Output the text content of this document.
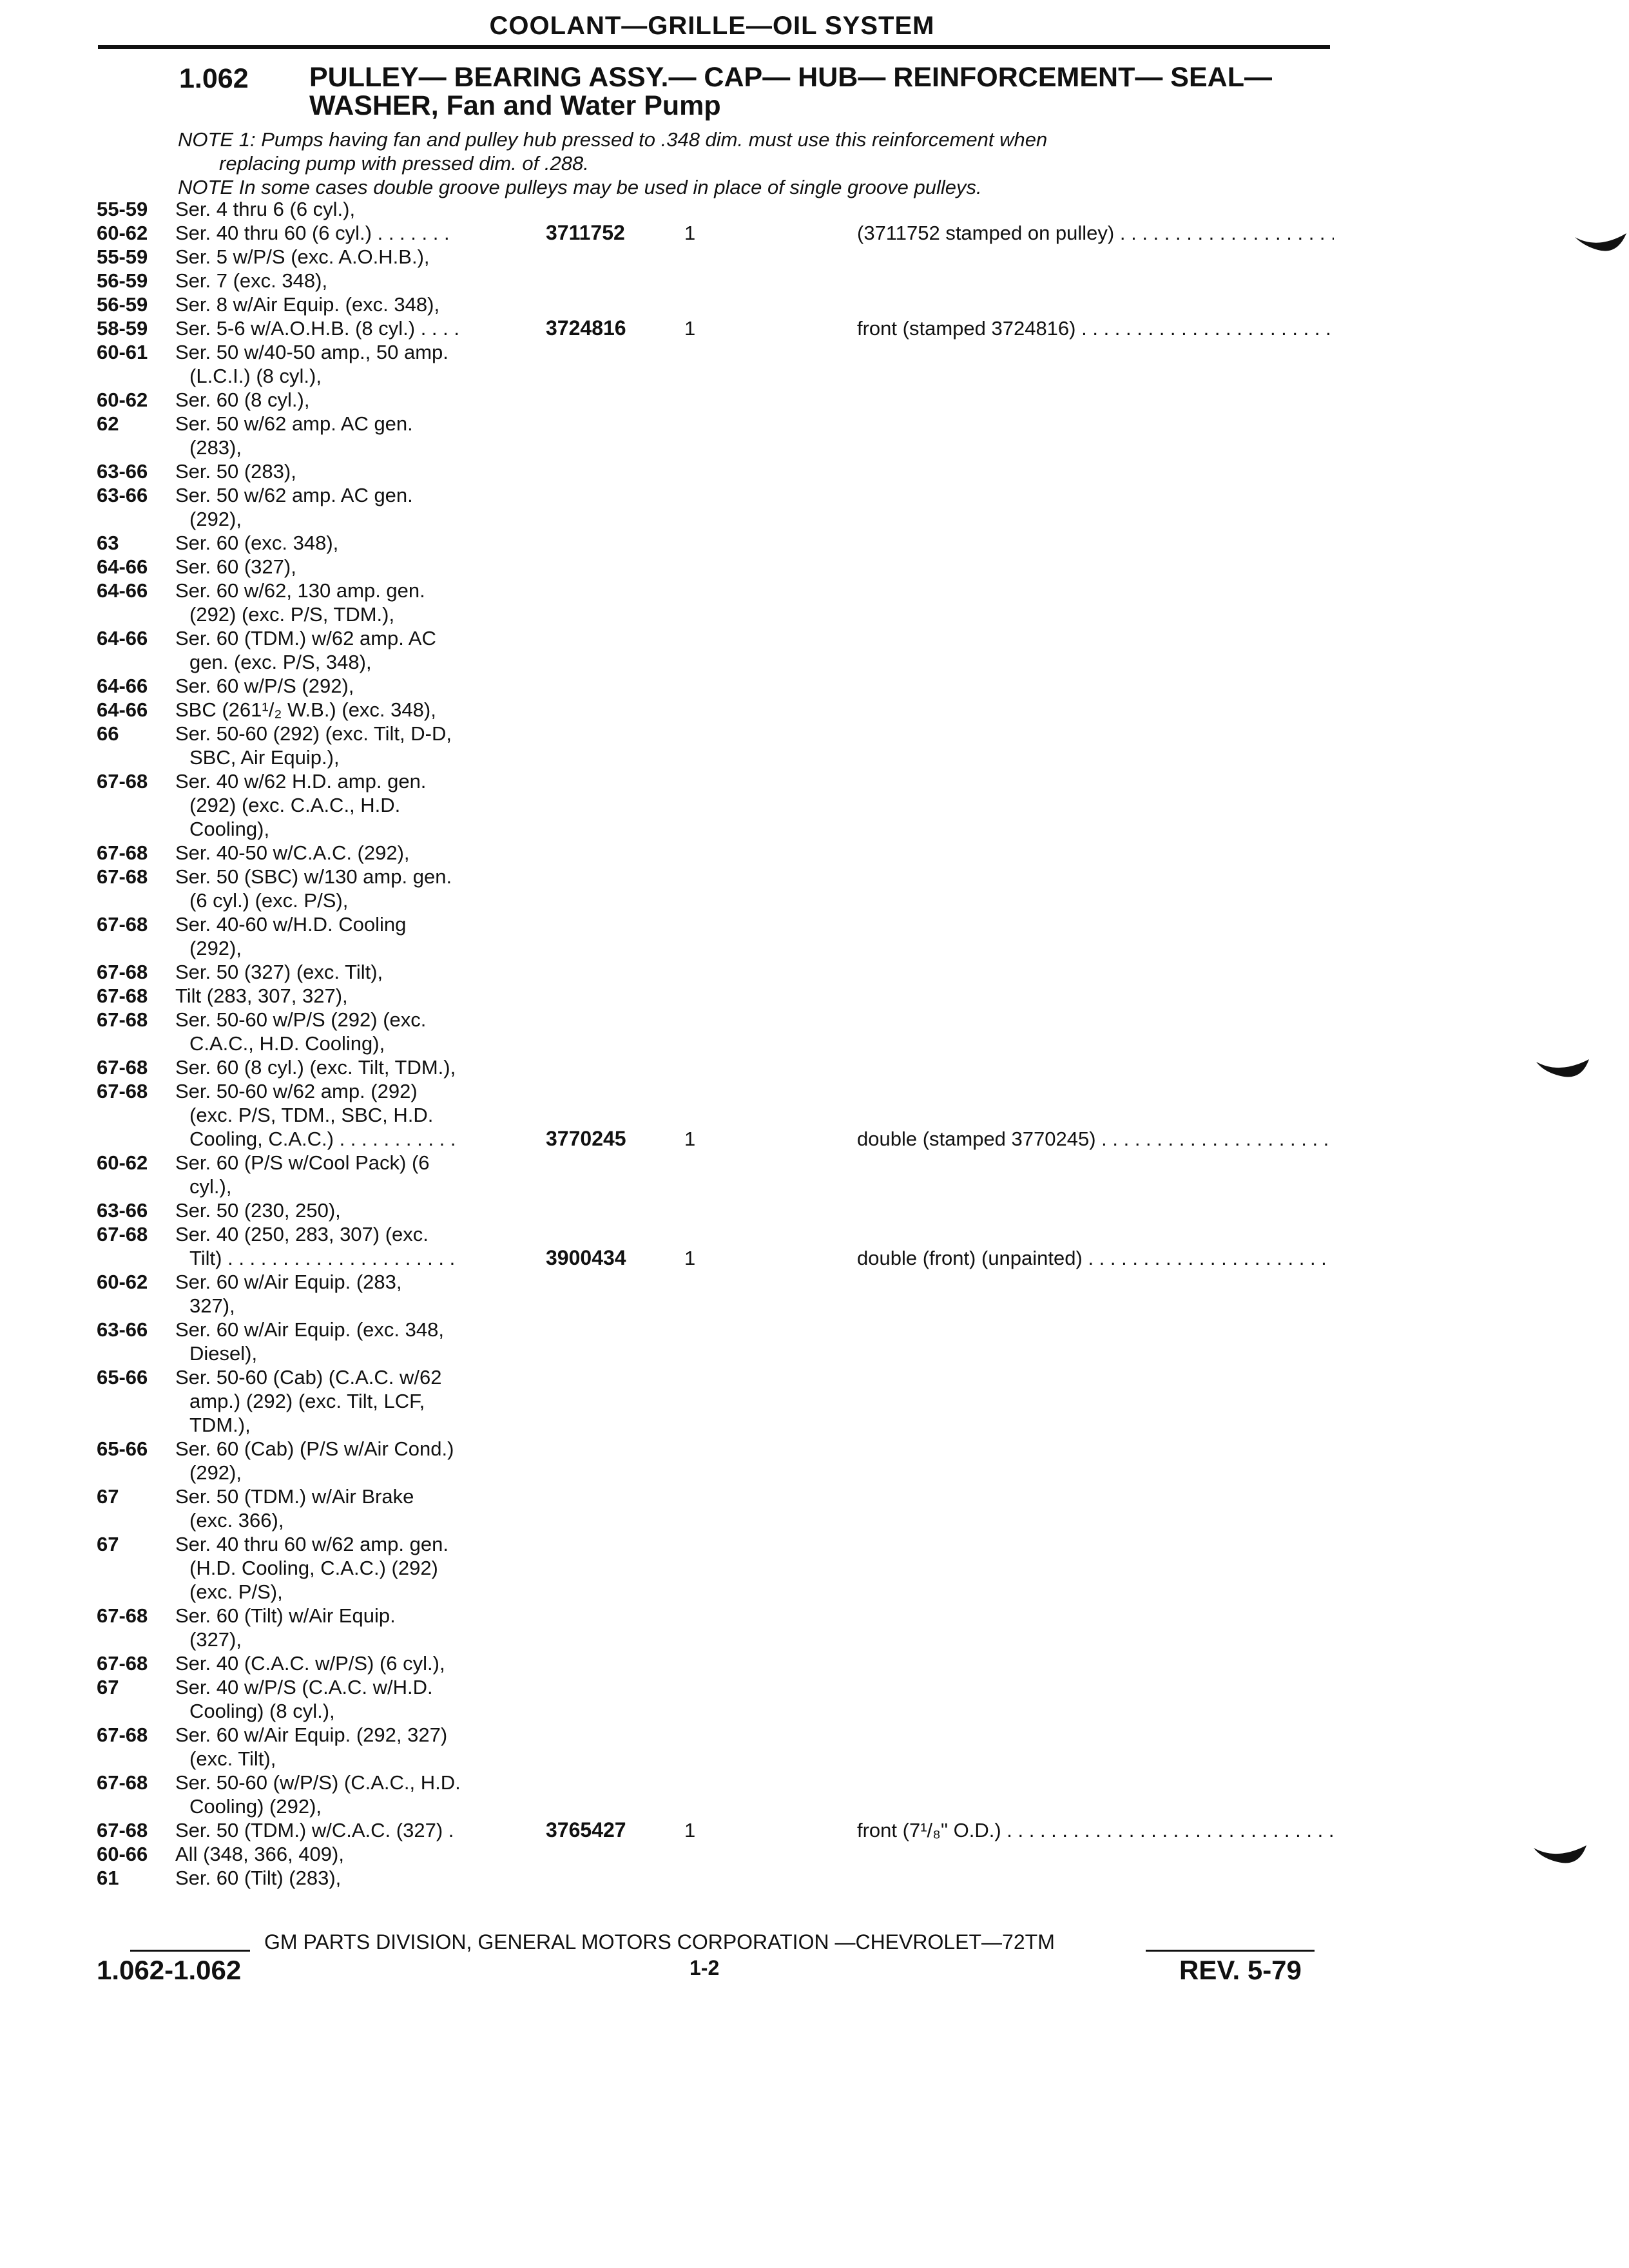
COOLANT—GRILLE—OIL SYSTEM
1.062 PULLEY— BEARING ASSY.— CAP— HUB— REINFORCEMENT— SEAL— WASHER, Fan and Water Pump
NOTE 1: Pumps having fan and pulley hub pressed to .348 dim. must use this reinforcement when
replacing pump with pressed dim. of .288.
NOTE In some cases double groove pulleys may be used in place of single groove pulleys.
55-59	Ser. 4 thru 6 (6 cyl.),
60-62	Ser. 40 thru 60 (6 cyl.) . . . . . . .	3711752	1	(3711752 stamped on pulley) . . .
55-59	Ser. 5 w/P/S (exc. A.O.H.B.),
56-59	Ser. 7 (exc. 348),
56-59	Ser. 8 w/Air Equip. (exc. 348),
58-59	Ser. 5-6 w/A.O.H.B. (8 cyl.) . . . .	3724816	1	front (stamped 3724816) . . .
60-61	Ser. 50 w/40-50 amp., 50 amp.
(L.C.I.) (8 cyl.),
60-62	Ser. 60 (8 cyl.),
62	Ser. 50 w/62 amp. AC gen.
(283),
63-66	Ser. 50 (283),
63-66	Ser. 50 w/62 amp. AC gen.
(292),
63	Ser. 60 (exc. 348),
64-66	Ser. 60 (327),
64-66	Ser. 60 w/62, 130 amp. gen.
(292) (exc. P/S, TDM.),
64-66	Ser. 60 (TDM.) w/62 amp. AC
gen. (exc. P/S, 348),
64-66	Ser. 60 w/P/S (292),
64-66	SBC (261¹/₂ W.B.) (exc. 348),
66	Ser. 50-60 (292) (exc. Tilt, D-D,
SBC, Air Equip.),
67-68	Ser. 40 w/62 H.D. amp. gen.
(292) (exc. C.A.C., H.D.
Cooling),
67-68	Ser. 40-50 w/C.A.C. (292),
67-68	Ser. 50 (SBC) w/130 amp. gen.
(6 cyl.) (exc. P/S),
67-68	Ser. 40-60 w/H.D. Cooling
(292),
67-68	Ser. 50 (327) (exc. Tilt),
67-68	Tilt (283, 307, 327),
67-68	Ser. 50-60 w/P/S (292) (exc.
C.A.C., H.D. Cooling),
67-68	Ser. 60 (8 cyl.) (exc. Tilt, TDM.),
67-68	Ser. 50-60 w/62 amp. (292)
(exc. P/S, TDM., SBC, H.D.
Cooling, C.A.C.) . . . . . . . . . . .	3770245	1	double (stamped 3770245) . . .
60-62	Ser. 60 (P/S w/Cool Pack) (6
cyl.),
63-66	Ser. 50 (230, 250),
67-68	Ser. 40 (250, 283, 307) (exc.
Tilt) . . . . . . . . . . . . . . . . . . . . .	3900434	1	double (front) (unpainted) . . .
60-62	Ser. 60 w/Air Equip. (283,
327),
63-66	Ser. 60 w/Air Equip. (exc. 348,
Diesel),
65-66	Ser. 50-60 (Cab) (C.A.C. w/62
amp.) (292) (exc. Tilt, LCF,
TDM.),
65-66	Ser. 60 (Cab) (P/S w/Air Cond.)
(292),
67	Ser. 50 (TDM.) w/Air Brake
(exc. 366),
67	Ser. 40 thru 60 w/62 amp. gen.
(H.D. Cooling, C.A.C.) (292)
(exc. P/S),
67-68	Ser. 60 (Tilt) w/Air Equip.
(327),
67-68	Ser. 40 (C.A.C. w/P/S) (6 cyl.),
67	Ser. 40 w/P/S (C.A.C. w/H.D.
Cooling) (8 cyl.),
67-68	Ser. 60 w/Air Equip. (292, 327)
(exc. Tilt),
67-68	Ser. 50-60 (w/P/S) (C.A.C., H.D.
Cooling) (292),
67-68	Ser. 50 (TDM.) w/C.A.C. (327) .	3765427	1	front (7¹/₈" O.D.) . . .
60-66	All (348, 366, 409),
61	Ser. 60 (Tilt) (283),
GM PARTS DIVISION, GENERAL MOTORS CORPORATION —CHEVROLET—72TM
1.062-1.062	1-2	REV. 5-79
